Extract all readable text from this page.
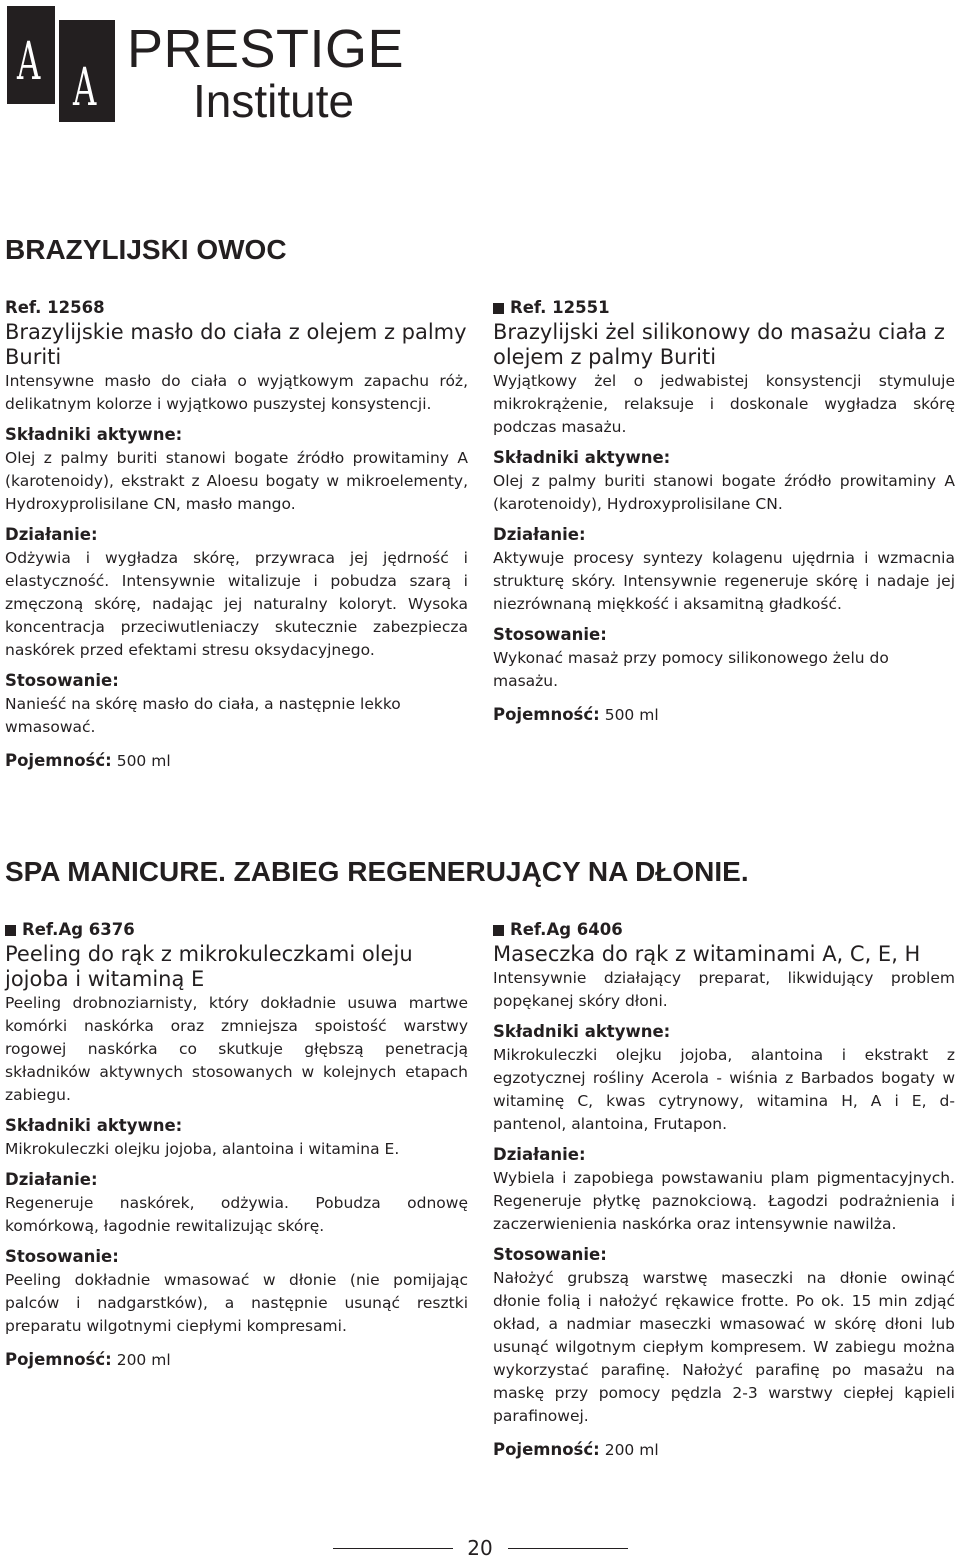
A A
PRESTIGE
Institute
BRAZYLIJSKI OWOC

Ref. 12568

Brazylijskie masło do ciała z olejem z palmy Buriti

Intensywne masło do ciała o wyjątkowym zapachu róż, delikatnym kolorze i wyjątkowo puszystej konsystencji.

Składniki aktywne:

Olej z palmy buriti stanowi bogate źródło prowitaminy A (karotenoidy), ekstrakt z Aloesu bogaty w mikroelementy, Hydroxyprolisilane CN, masło mango.

Działanie:

Odżywia i wygładza skórę, przywraca jej jędrność i elastyczność. Intensywnie witalizuje i pobudza szarą i zmęczoną skórę, nadając jej naturalny koloryt. Wysoka koncentracja przeciwutleniaczy skutecznie zabezpiecza naskórek przed efektami stresu oksydacyjnego.

Stosowanie:

Nanieść na skórę masło do ciała, a następnie lekko wmasować.

Pojemność: 500 ml

Ref. 12551

Brazylijski żel silikonowy do masażu ciała z olejem z palmy Buriti

Wyjątkowy żel o jedwabistej konsystencji stymuluje mikrokrążenie, relaksuje i doskonale wygładza skórę podczas masażu.

Składniki aktywne:

Olej z palmy buriti stanowi bogate źródło prowitaminy A (karotenoidy), Hydroxyprolisilane CN.

Działanie:

Aktywuje procesy syntezy kolagenu ujędrnia i wzmacnia strukturę skóry. Intensywnie regeneruje skórę i nadaje jej niezrównaną miękkość i aksamitną gładkość.

Stosowanie:

Wykonać masaż przy pomocy silikonowego żelu do masażu.

Pojemność: 500 ml

SPA MANICURE. ZABIEG REGENERUJĄCY NA DŁONIE.

Ref.Ag 6376

Peeling do rąk z mikrokuleczkami oleju jojoba i witaminą E

Peeling drobnoziarnisty, który dokładnie usuwa martwe komórki naskórka oraz zmniejsza spoistość warstwy rogowej naskórka co skutkuje głębszą penetracją składników aktywnych stosowanych w kolejnych etapach zabiegu.

Składniki aktywne:

Mikrokuleczki olejku jojoba, alantoina i witamina E.

Działanie:

Regeneruje naskórek, odżywia. Pobudza odnowę komórkową, łagodnie rewitalizując skórę.

Stosowanie:

Peeling dokładnie wmasować w dłonie (nie pomijając palców i nadgarstków), a następnie usunąć resztki preparatu wilgotnymi ciepłymi kompresami.

Pojemność: 200 ml

Ref.Ag 6406

Maseczka do rąk z witaminami A, C, E, H

Intensywnie działający preparat, likwidujący problem popękanej skóry dłoni.

Składniki aktywne:

Mikrokuleczki olejku jojoba, alantoina i ekstrakt z egzotycznej rośliny Acerola - wiśnia z Barbados bogaty w witaminę C, kwas cytrynowy, witamina H, A i E, d-pantenol, alantoina, Frutapon.

Działanie:

Wybiela i zapobiega powstawaniu plam pigmentacyjnych. Regeneruje płytkę paznokciową. Łagodzi podrażnienia i zaczerwienienia naskórka oraz intensywnie nawilża.

Stosowanie:

Nałożyć grubszą warstwę maseczki na dłonie owinąć dłonie folią i nałożyć rękawice frotte. Po ok. 15 min zdjąć okład, a nadmiar maseczki wmasować w skórę dłoni lub usunąć wilgotnym ciepłym kompresem. W zabiegu można wykorzystać parafinę. Nałożyć parafinę po masażu na maskę przy pomocy pędzla 2-3 warstwy ciepłej kąpieli parafinowej.

Pojemność: 200 ml

20
